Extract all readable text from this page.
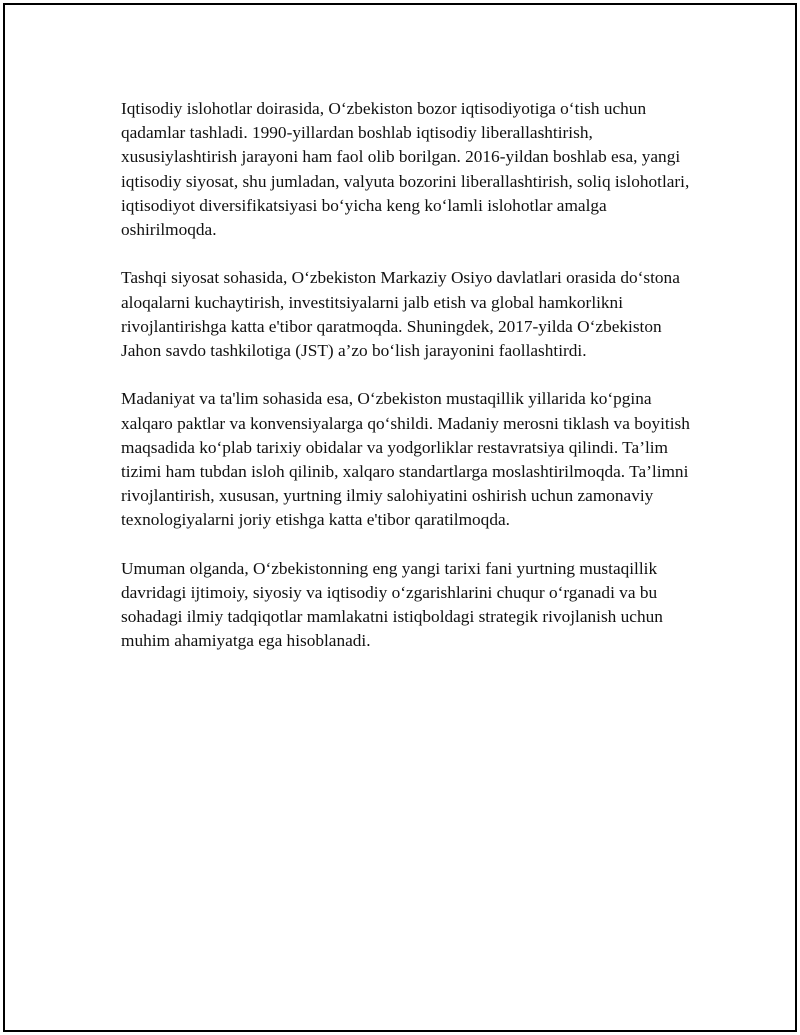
Iqtisodiy islohotlar doirasida, O‘zbekiston bozor iqtisodiyotiga o‘tish uchun qadamlar tashladi. 1990-yillardan boshlab iqtisodiy liberallashtirish, xususiylashtirish jarayoni ham faol olib borilgan. 2016-yildan boshlab esa, yangi iqtisodiy siyosat, shu jumladan, valyuta bozorini liberallashtirish, soliq islohotlari, iqtisodiyot diversifikatsiyasi bo‘yicha keng ko‘lamli islohotlar amalga oshirilmoqda.

Tashqi siyosat sohasida, O‘zbekiston Markaziy Osiyo davlatlari orasida do‘stona aloqalarni kuchaytirish, investitsiyalarni jalb etish va global hamkorlikni rivojlantirishga katta e'tibor qaratmoqda. Shuningdek, 2017-yilda O‘zbekiston Jahon savdo tashkilotiga (JST) a’zo bo‘lish jarayonini faollashtirdi.

Madaniyat va ta'lim sohasida esa, O‘zbekiston mustaqillik yillarida ko‘pgina xalqaro paktlar va konvensiyalarga qo‘shildi. Madaniy merosni tiklash va boyitish maqsadida ko‘plab tarixiy obidalar va yodgorliklar restavratsiya qilindi. Ta’lim tizimi ham tubdan isloh qilinib, xalqaro standartlarga moslashtirilmoqda. Ta’limni rivojlantirish, xususan, yurtning ilmiy salohiyatini oshirish uchun zamonaviy texnologiyalarni joriy etishga katta e'tibor qaratilmoqda.

Umuman olganda, O‘zbekistonning eng yangi tarixi fani yurtning mustaqillik davridagi ijtimoiy, siyosiy va iqtisodiy o‘zgarishlarini chuqur o‘rganadi va bu sohadagi ilmiy tadqiqotlar mamlakatni istiqboldagi strategik rivojlanish uchun muhim ahamiyatga ega hisoblanadi.
